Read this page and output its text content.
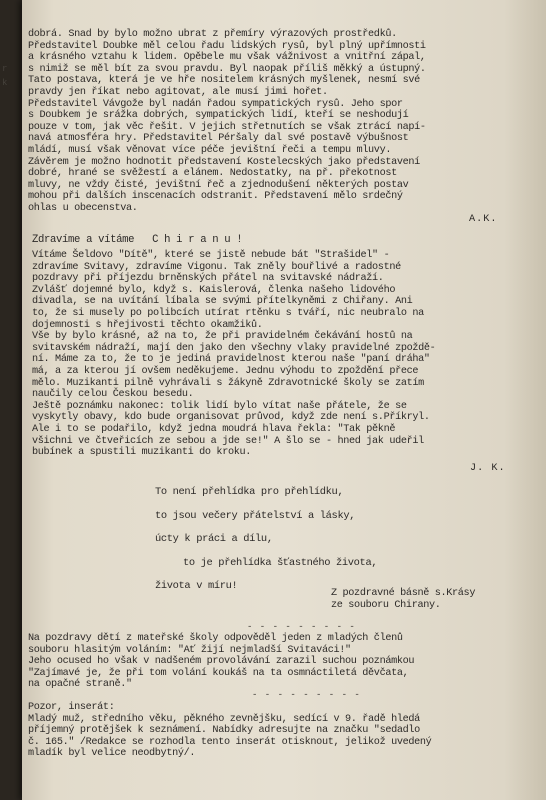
r
k
dobrá. Snad by bylo možno ubrat z přemíry výrazových prostředků.
Představitel Doubke měl celou řadu lidských rysů, byl plný upřímnosti
a krásného vztahu k lidem. Opěbele mu však vážnivost a vnitřní zápal,
s nimiž se měl bít za svou pravdu. Byl naopak příliš měkký a ústupný.
Tato postava, která je ve hře nositelem krásných myšlenek, nesmí své
pravdy jen říkat nebo agitovat, ale musí jimi hořet.
Představitel Vávgože byl nadán řadou sympatických rysů. Jeho spor
s Doubkem je srážka dobrých, sympatických lidí, kteří se neshodují
pouze v tom, jak věc řešit. V jejich střetnutích se však ztrácí napí-
navá atmosféra hry. Představitel Péršaly dal své postavě výbušnost
mládí, musí však věnovat více péče jevištní řeči a tempu mluvy.
Závěrem je možno hodnotit představení Kostelecských jako představení
dobré, hrané se svěžestí a elánem. Nedostatky, na př. překotnost
mluvy, ne vždy čisté, jevištní řeč a zjednodušení některých postav
mohou při dalších inscenacích odstranit. Představení mělo srdečný
ohlas u obecenstva.
A.K.
Zdravíme a vítáme   C h i r a n u !
Vítáme Šeldovo "Dítě", které se jistě nebude bát "Strašidel" -
zdravíme Svitavy, zdravíme Vigonu. Tak zněly bouřlivé a radostné
pozdravy při příjezdu brněnských přátel na svitavské nádraží.
Zvlášť dojemné bylo, když s. Kaislerová, členka našeho lidového
divadla, se na uvítání líbala se svými přítelkyněmi z Chiřany. Ani
to, že si musely po polibcích utírat rtěnku s tváří, nic neubralo na
dojemnosti s hřejivosti těchto okamžiků.
Vše by bylo krásné, až na to, že při pravidelném čekávání hostů na
svitavském nádraží, mají den jako den všechny vlaky pravidelné zpoždě-
ní. Máme za to, že to je jediná pravidelnost kterou naše "paní dráha"
má, a za kterou jí ovšem neděkujeme. Jednu výhodu to zpoždění přece
mělo. Muzikanti pilně vyhrávali s žákyně Zdravotnické školy se zatím
naučily celou Českou besedu.
Ještě poznámku nakonec: tolik lidí bylo vítat naše přátele, že se
vyskytly obavy, kdo bude organisovat průvod, když zde není s.Příkryl.
Ale i to se podařilo, když jedna moudrá hlava řekla: "Tak pěkně
všichni ve čtveřicích ze sebou a jde se!" A šlo se - hned jak udeřil
bubínek a spustili muzikanti do kroku.
J. K.
To není přehlídka pro přehlídku,
to jsou večery přátelství a lásky,
úcty k práci a dílu,
to je přehlídka šťastného života,
života v míru!
Z pozdravné básně s.Krásy
ze souboru Chirany.
- - - - - - - - -
Na pozdravy dětí z mateřské školy odpověděl jeden z mladých členů
souboru hlasitým voláním: "Ať žijí nejmladší Svitaváci!"
Jeho ocused ho však v nadšeném provolávání zarazil suchou poznámkou
"Zajímavé je, že při tom volání koukáš na ta osmnáctiletá děvčata,
na opačné straně."
- - - - - - - - -
Pozor, inserát:
Mladý muž, středního věku, pěkného zevnějšku, sedící v 9. řadě hledá
příjemný protějšek k seznámení. Nabídky adresujte na značku "sedadlo
č. 165." /Redakce se rozhodla tento inserát otisknout, jelikož uvedený
mladík byl velice neodbytný/.
